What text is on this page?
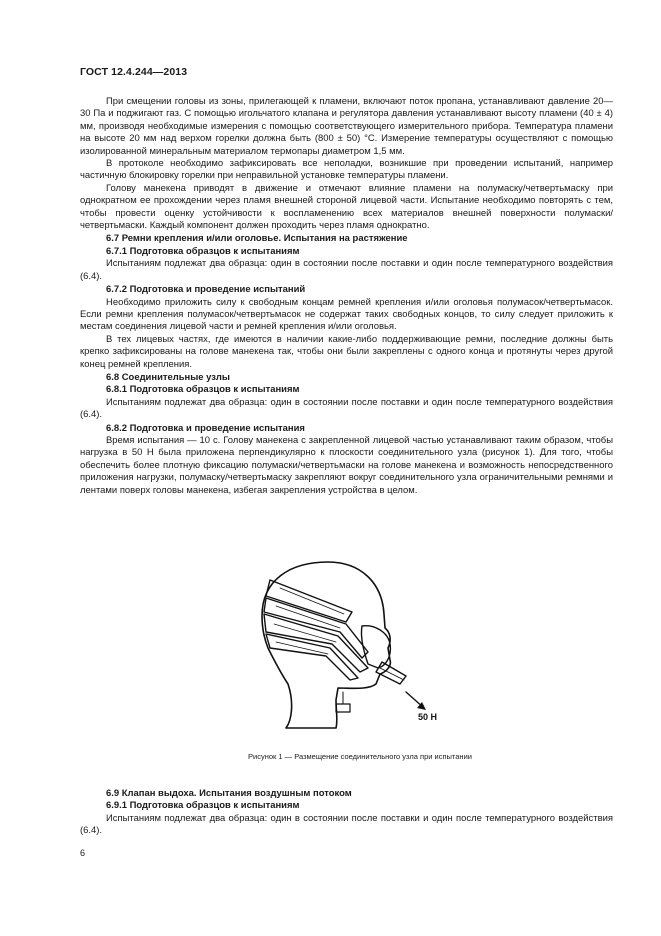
ГОСТ 12.4.244—2013

При смещении головы из зоны, прилегающей к пламени, включают поток пропана, устанавливают давление 20—30 Па и поджигают газ. С помощью игольчатого клапана и регулятора давления устанавливают высоту пламени (40 ± 4) мм, производя необходимые измерения с помощью соответствующего измерительного прибора. Температура пламени на высоте 20 мм над верхом горелки должна быть (800 ± 50) °С. Измерение температуры осуществляют с помощью изолированной минеральным материалом термопары диаметром 1,5 мм.

В протоколе необходимо зафиксировать все неполадки, возникшие при проведении испытаний, например частичную блокировку горелки при неправильной установке температуры пламени.

Голову манекена приводят в движение и отмечают влияние пламени на полумаску/четвертьмаску при однократном ее прохождении через пламя внешней стороной лицевой части. Испытание необходимо повторять с тем, чтобы провести оценку устойчивости к воспламенению всех материалов внешней поверхности полумаски/четвертьмаски. Каждый компонент должен проходить через пламя однократно.

6.7 Ремни крепления и/или оголовье. Испытания на растяжение

6.7.1 Подготовка образцов к испытаниям

Испытаниям подлежат два образца: один в состоянии после поставки и один после температурного воздействия (6.4).

6.7.2 Подготовка и проведение испытаний

Необходимо приложить силу к свободным концам ремней крепления и/или оголовья полумасок/четвертьмасок. Если ремни крепления полумасок/четвертьмасок не содержат таких свободных концов, то силу следует приложить к местам соединения лицевой части и ремней крепления и/или оголовья.

В тех лицевых частях, где имеются в наличии какие-либо поддерживающие ремни, последние должны быть крепко зафиксированы на голове манекена так, чтобы они были закреплены с одного конца и протянуты через другой конец ремней крепления.

6.8 Соединительные узлы

6.8.1 Подготовка образцов к испытаниям

Испытаниям подлежат два образца: один в состоянии после поставки и один после температурного воздействия (6.4).

6.8.2 Подготовка и проведение испытания

Время испытания — 10 с. Голову манекена с закрепленной лицевой частью устанавливают таким образом, чтобы нагрузка в 50 Н была приложена перпендикулярно к плоскости соединительного узла (рисунок 1). Для того, чтобы обеспечить более плотную фиксацию полумаски/четвертьмаски на голове манекена и возможность непосредственного приложения нагрузки, полумаску/четвертьмаску закрепляют вокруг соединительного узла ограничительными ремнями и лентами поверх головы манекена, избегая закрепления устройства в целом.

50 Н
Рисунок 1 — Размещение соединительного узла при испытании

6.9 Клапан выдоха. Испытания воздушным потоком

6.9.1 Подготовка образцов к испытаниям

Испытаниям подлежат два образца: один в состоянии после поставки и один после температурного воздействия (6.4).

6
